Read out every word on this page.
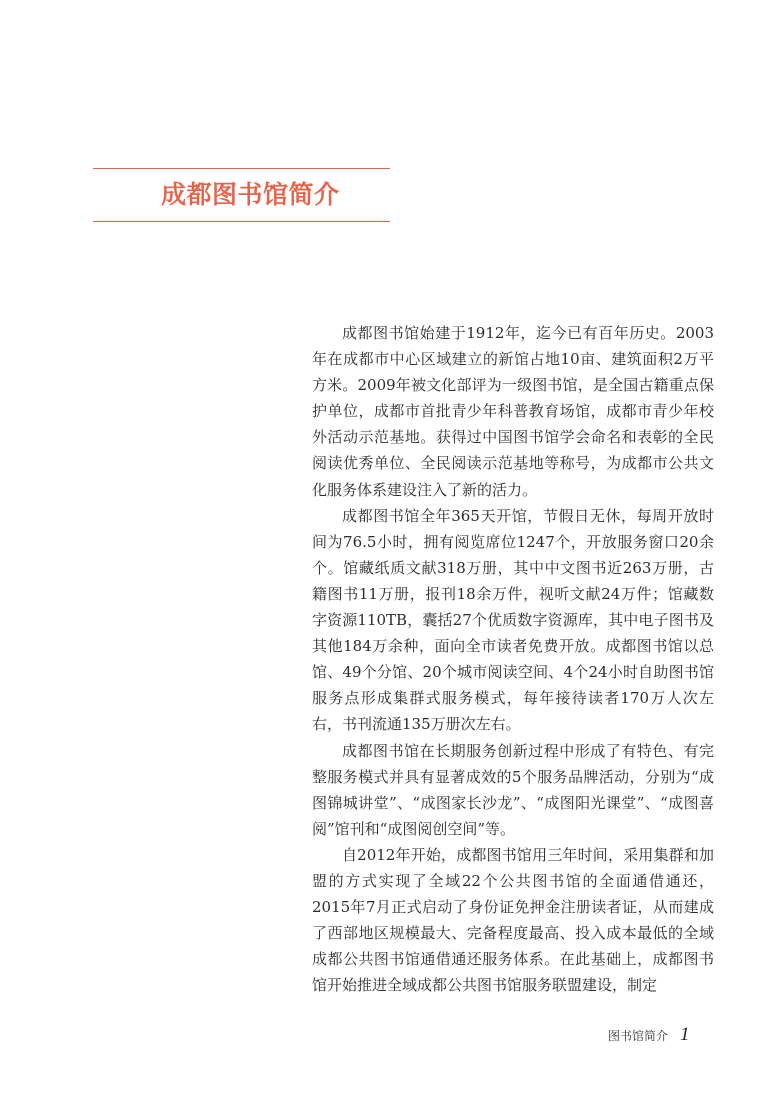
成都图书馆简介

成都图书馆始建于1912年，迄今已有百年历史。2003年在成都市中心区域建立的新馆占地10亩、建筑面积2万平方米。2009年被文化部评为一级图书馆，是全国古籍重点保护单位，成都市首批青少年科普教育场馆，成都市青少年校外活动示范基地。获得过中国图书馆学会命名和表彰的全民阅读优秀单位、全民阅读示范基地等称号，为成都市公共文化服务体系建设注入了新的活力。

成都图书馆全年365天开馆，节假日无休，每周开放时间为76.5小时，拥有阅览席位1247个，开放服务窗口20余个。馆藏纸质文献318万册，其中中文图书近263万册，古籍图书11万册，报刊18余万件，视听文献24万件；馆藏数字资源110TB，囊括27个优质数字资源库，其中电子图书及其他184万余种，面向全市读者免费开放。成都图书馆以总馆、49个分馆、20个城市阅读空间、4个24小时自助图书馆服务点形成集群式服务模式，每年接待读者170万人次左右，书刊流通135万册次左右。

成都图书馆在长期服务创新过程中形成了有特色、有完整服务模式并具有显著成效的5个服务品牌活动，分别为“成图锦城讲堂”、“成图家长沙龙”、“成图阳光课堂”、“成图喜阅”馆刊和“成图阅创空间”等。

自2012年开始，成都图书馆用三年时间，采用集群和加盟的方式实现了全域22个公共图书馆的全面通借通还，2015年7月正式启动了身份证免押金注册读者证，从而建成了西部地区规模最大、完备程度最高、投入成本最低的全域成都公共图书馆通借通还服务体系。在此基础上，成都图书馆开始推进全域成都公共图书馆服务联盟建设，制定

图书馆简介 1
